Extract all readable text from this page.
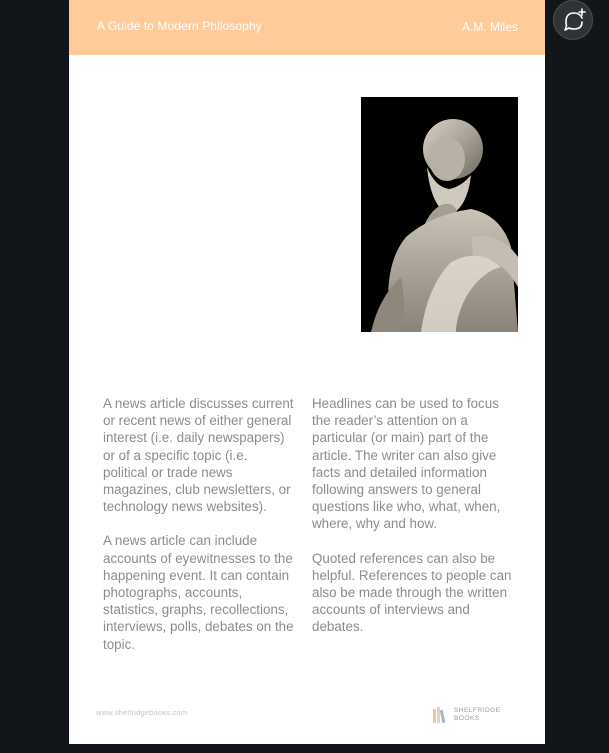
A Guide to Modern Philosophy	A.M. Miles

A news article discusses current or recent news of either general interest (i.e. daily newspapers) or of a specific topic (i.e. political or trade news magazines, club newsletters, or technology news websites).

A news article can include accounts of eyewitnesses to the happening event. It can contain photographs, accounts, statistics, graphs, recollections, interviews, polls, debates on the topic.

Headlines can be used to focus the reader’s attention on a particular (or main) part of the article. The writer can also give facts and detailed information following answers to general questions like who, what, when, where, why and how.

Quoted references can also be helpful. References to people can also be made through the written accounts of interviews and debates.

www.shelfridgebooks.com	SHELFRIDGE
BOOKS
